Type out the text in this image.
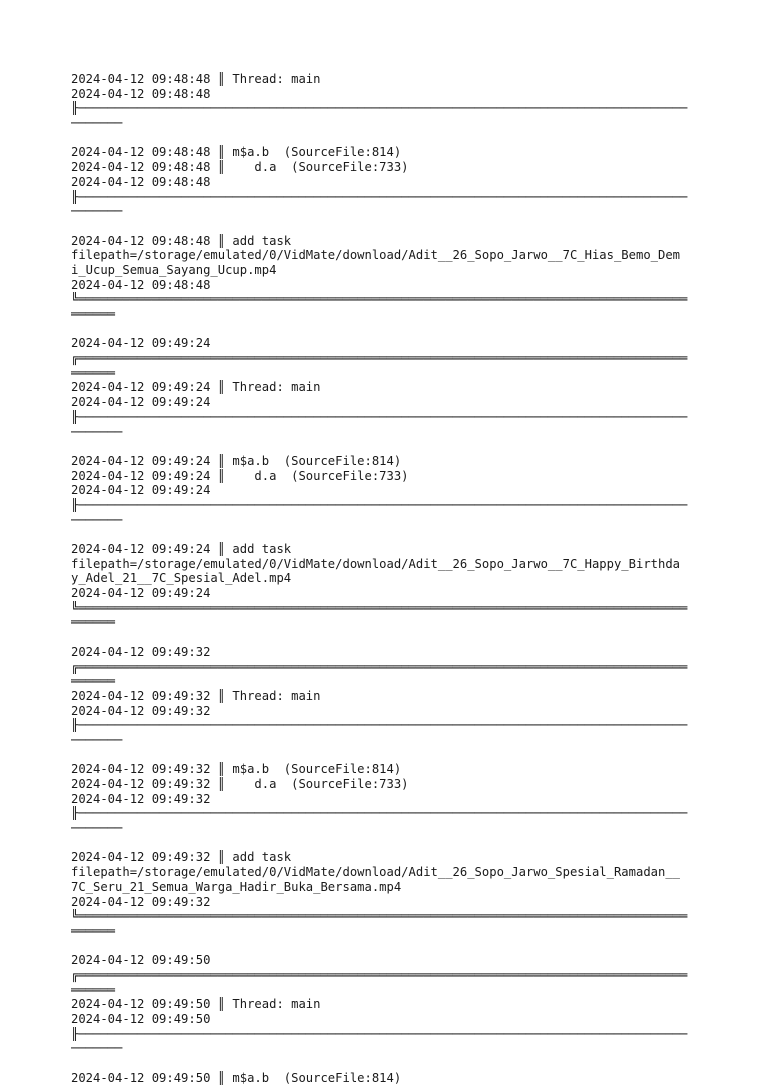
2024-04-12 09:48:48 ║ Thread: main
2024-04-12 09:48:48
╟───────────────────────────────────────────────────────────────────────────────────
───────
2024-04-12 09:48:48 ║ m$a.b  (SourceFile:814)
2024-04-12 09:48:48 ║    d.a  (SourceFile:733)
2024-04-12 09:48:48
╟───────────────────────────────────────────────────────────────────────────────────
───────
2024-04-12 09:48:48 ║ add task
filepath=/storage/emulated/0/VidMate/download/Adit__26_Sopo_Jarwo__7C_Hias_Bemo_Dem
i_Ucup_Semua_Sayang_Ucup.mp4
2024-04-12 09:48:48
╚═══════════════════════════════════════════════════════════════════════════════════
══════
2024-04-12 09:49:24
╔═══════════════════════════════════════════════════════════════════════════════════
══════
2024-04-12 09:49:24 ║ Thread: main
2024-04-12 09:49:24
╟───────────────────────────────────────────────────────────────────────────────────
───────
2024-04-12 09:49:24 ║ m$a.b  (SourceFile:814)
2024-04-12 09:49:24 ║    d.a  (SourceFile:733)
2024-04-12 09:49:24
╟───────────────────────────────────────────────────────────────────────────────────
───────
2024-04-12 09:49:24 ║ add task
filepath=/storage/emulated/0/VidMate/download/Adit__26_Sopo_Jarwo__7C_Happy_Birthda
y_Adel_21__7C_Spesial_Adel.mp4
2024-04-12 09:49:24
╚═══════════════════════════════════════════════════════════════════════════════════
══════
2024-04-12 09:49:32
╔═══════════════════════════════════════════════════════════════════════════════════
══════
2024-04-12 09:49:32 ║ Thread: main
2024-04-12 09:49:32
╟───────────────────────────────────────────────────────────────────────────────────
───────
2024-04-12 09:49:32 ║ m$a.b  (SourceFile:814)
2024-04-12 09:49:32 ║    d.a  (SourceFile:733)
2024-04-12 09:49:32
╟───────────────────────────────────────────────────────────────────────────────────
───────
2024-04-12 09:49:32 ║ add task
filepath=/storage/emulated/0/VidMate/download/Adit__26_Sopo_Jarwo_Spesial_Ramadan__
7C_Seru_21_Semua_Warga_Hadir_Buka_Bersama.mp4
2024-04-12 09:49:32
╚═══════════════════════════════════════════════════════════════════════════════════
══════
2024-04-12 09:49:50
╔═══════════════════════════════════════════════════════════════════════════════════
══════
2024-04-12 09:49:50 ║ Thread: main
2024-04-12 09:49:50
╟───────────────────────────────────────────────────────────────────────────────────
───────
2024-04-12 09:49:50 ║ m$a.b  (SourceFile:814)
